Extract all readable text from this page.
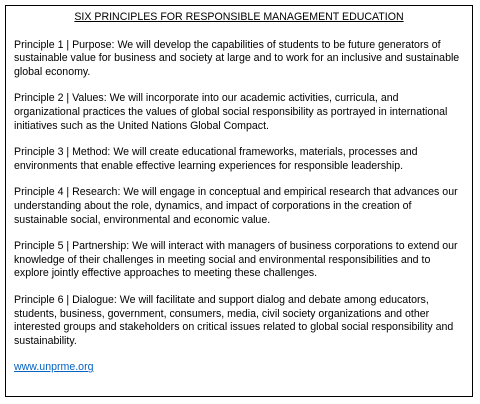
SIX PRINCIPLES FOR RESPONSIBLE MANAGEMENT EDUCATION
Principle 1 | Purpose: We will develop the capabilities of students to be future generators of sustainable value for business and society at large and to work for an inclusive and sustainable global economy.
Principle 2 | Values: We will incorporate into our academic activities, curricula, and organizational practices the values of global social responsibility as portrayed in international initiatives such as the United Nations Global Compact.
Principle 3 | Method: We will create educational frameworks, materials, processes and environments that enable effective learning experiences for responsible leadership.
Principle 4 | Research: We will engage in conceptual and empirical research that advances our understanding about the role, dynamics, and impact of corporations in the creation of sustainable social, environmental and economic value.
Principle 5 | Partnership: We will interact with managers of business corporations to extend our knowledge of their challenges in meeting social and environmental responsibilities and to explore jointly effective approaches to meeting these challenges.
Principle 6 | Dialogue: We will facilitate and support dialog and debate among educators, students, business, government, consumers, media, civil society organizations and other interested groups and stakeholders on critical issues related to global social responsibility and sustainability.
www.unprme.org
